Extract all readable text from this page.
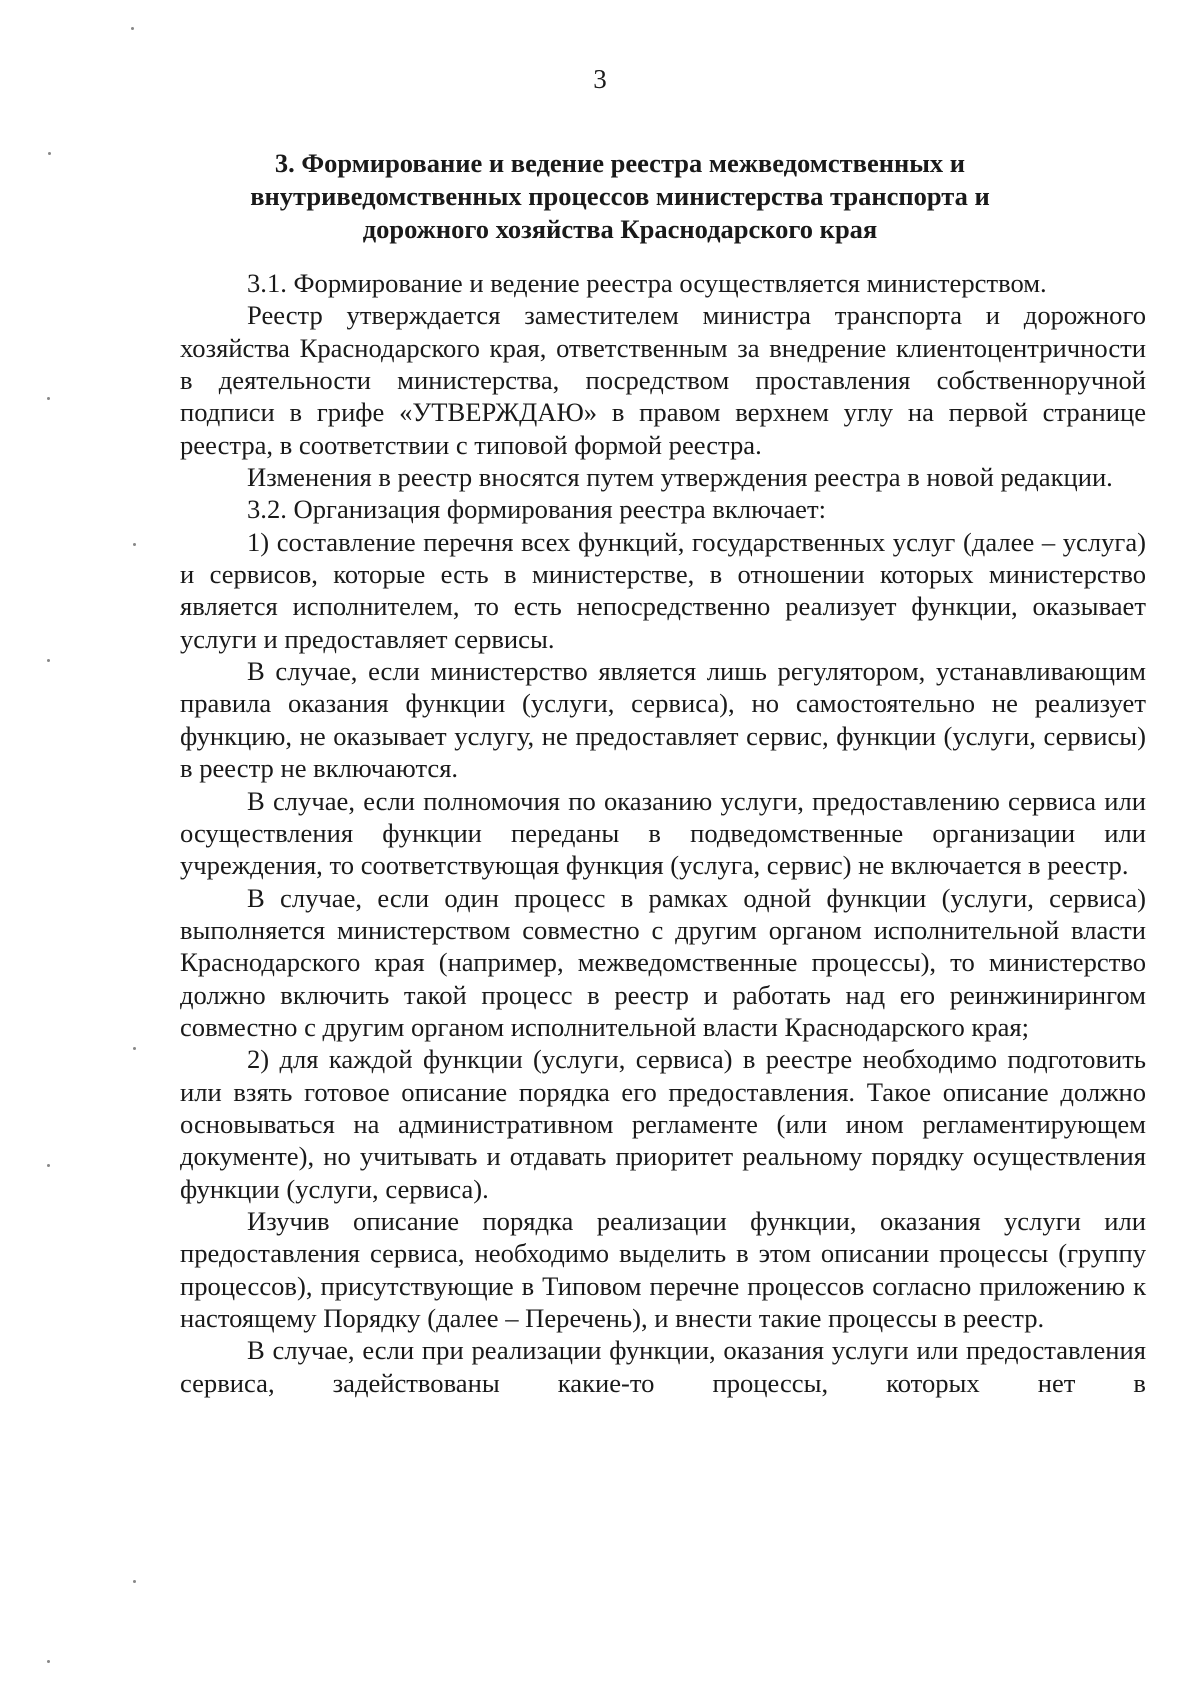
3
3. Формирование и ведение реестра межведомственных и
внутриведомственных процессов министерства транспорта и
дорожного хозяйства Краснодарского края

3.1. Формирование и ведение реестра осуществляется министерством.

Реестр утверждается заместителем министра транспорта и дорожного хозяйства Краснодарского края, ответственным за внедрение клиентоцентричности в деятельности министерства, посредством проставления собственноручной подписи в грифе «УТВЕРЖДАЮ» в правом верхнем углу на первой странице реестра, в соответствии с типовой формой реестра.

Изменения в реестр вносятся путем утверждения реестра в новой редакции.

3.2. Организация формирования реестра включает:

1) составление перечня всех функций, государственных услуг (далее – услуга) и сервисов, которые есть в министерстве, в отношении которых министерство является исполнителем, то есть непосредственно реализует функции, оказывает услуги и предоставляет сервисы.

В случае, если министерство является лишь регулятором, устанавливающим правила оказания функции (услуги, сервиса), но самостоятельно не реализует функцию, не оказывает услугу, не предоставляет сервис, функции (услуги, сервисы) в реестр не включаются.

В случае, если полномочия по оказанию услуги, предоставлению сервиса или осуществления функции переданы в подведомственные организации или учреждения, то соответствующая функция (услуга, сервис) не включается в реестр.

В случае, если один процесс в рамках одной функции (услуги, сервиса) выполняется министерством совместно с другим органом исполнительной власти Краснодарского края (например, межведомственные процессы), то министерство должно включить такой процесс в реестр и работать над его реинжинирингом совместно с другим органом исполнительной власти Краснодарского края;

2) для каждой функции (услуги, сервиса) в реестре необходимо подготовить или взять готовое описание порядка его предоставления. Такое описание должно основываться на административном регламенте (или ином регламентирующем документе), но учитывать и отдавать приоритет реальному порядку осуществления функции (услуги, сервиса).

Изучив описание порядка реализации функции, оказания услуги или предоставления сервиса, необходимо выделить в этом описании процессы (группу процессов), присутствующие в Типовом перечне процессов согласно приложению к настоящему Порядку (далее – Перечень), и внести такие процессы в реестр.

В случае, если при реализации функции, оказания услуги или предоставления сервиса, задействованы какие-то процессы, которых нет в
